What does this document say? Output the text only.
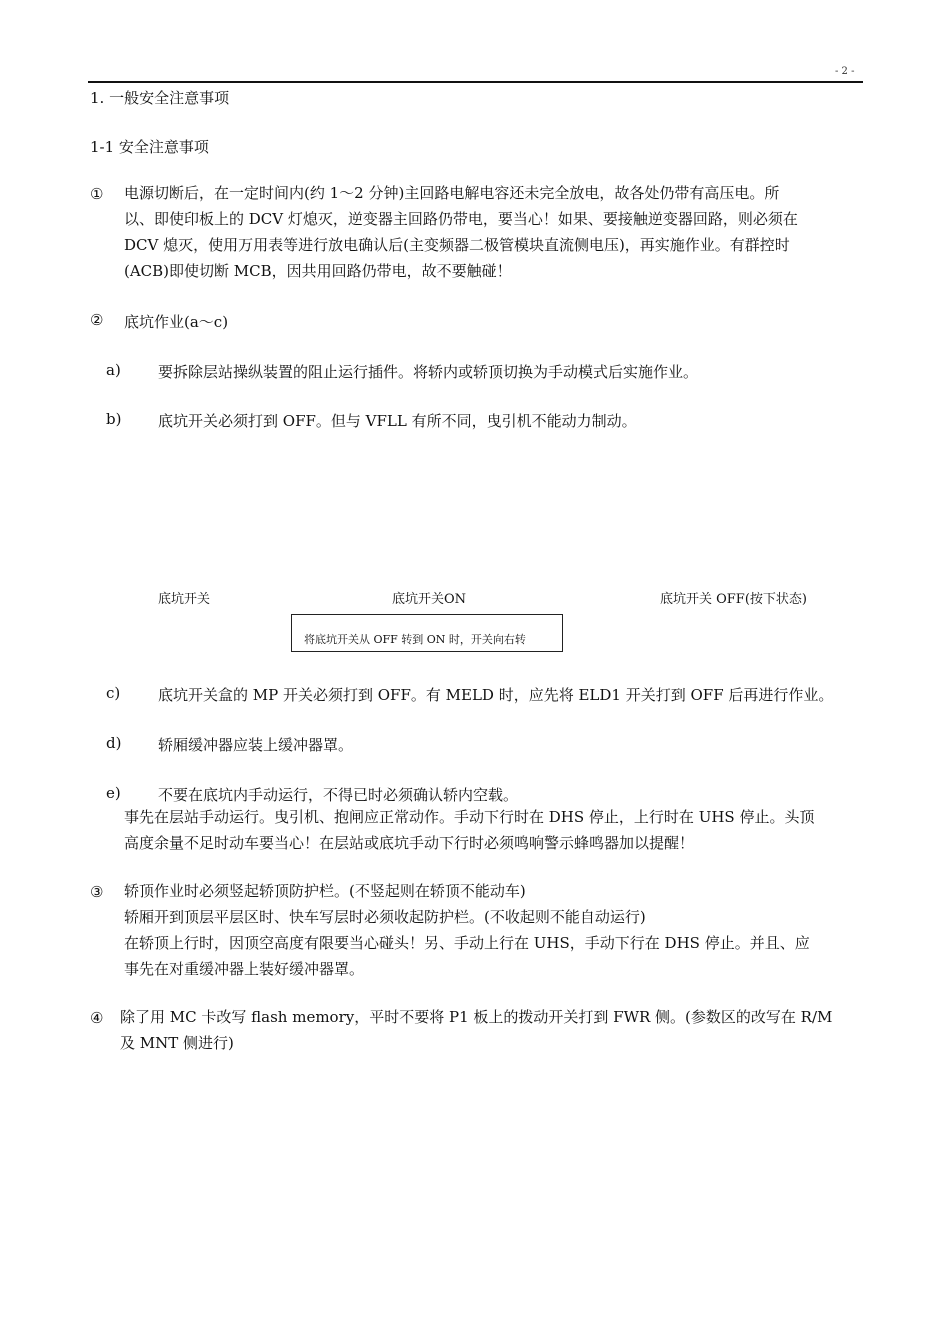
- 2 -
1. 一般安全注意事项
1-1 安全注意事项
① 电源切断后，在一定时间内(约 1～2 分钟)主回路电解电容还未完全放电，故各处仍带有高压电。所
以、即使印板上的 DCV 灯熄灭，逆变器主回路仍带电，要当心！如果、要接触逆变器回路，则必须在
DCV 熄灭，使用万用表等进行放电确认后(主变频器二极管模块直流侧电压)，再实施作业。有群控时
(ACB)即使切断 MCB，因共用回路仍带电，故不要触碰！
② 底坑作业(a～c)
a) 要拆除层站操纵装置的阻止运行插件。将轿内或轿顶切换为手动模式后实施作业。
b) 底坑开关必须打到 OFF。但与 VFLL 有所不同，曳引机不能动力制动。
底坑开关	底坑开关ON	底坑开关 OFF(按下状态)
将底坑开关从 OFF 转到 ON 时，开关向右转
c)	底坑开关盒的 MP 开关必须打到 OFF。有 MELD 时，应先将 ELD1 开关打到 OFF 后再进行作业。
d) 轿厢缓冲器应装上缓冲器罩。
e) 不要在底坑内手动运行，不得已时必须确认轿内空载。
事先在层站手动运行。曳引机、抱闸应正常动作。手动下行时在 DHS 停止，上行时在 UHS 停止。头顶
高度余量不足时动车要当心！在层站或底坑手动下行时必须鸣响警示蜂鸣器加以提醒！
③ 轿顶作业时必须竖起轿顶防护栏。(不竖起则在轿顶不能动车)
轿厢开到顶层平层区时、快车写层时必须收起防护栏。(不收起则不能自动运行)
在轿顶上行时，因顶空高度有限要当心碰头！另、手动上行在 UHS，手动下行在 DHS 停止。并且、应
事先在对重缓冲器上装好缓冲器罩。
④ 除了用 MC 卡改写 flash memory，平时不要将 P1 板上的拨动开关打到 FWR 侧。(参数区的改写在 R/M
及 MNT 侧进行)
